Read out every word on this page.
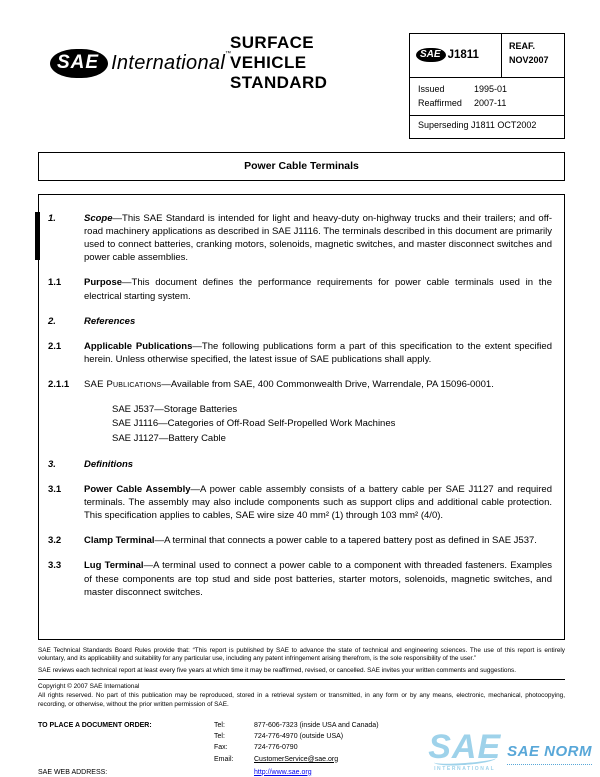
SAE International™
SURFACE
VEHICLE
STANDARD
SAE J1811
REAF.
NOV2007
Issued	1995-01
Reaffirmed	2007-11
Superseding J1811 OCT2002
Power Cable Terminals
1.	Scope—This SAE Standard is intended for light and heavy-duty on-highway trucks and their trailers; and off-road machinery applications as described in SAE J1116. The terminals described in this document are primarily used to connect batteries, cranking motors, solenoids, magnetic switches, and master disconnect switches and power cable assemblies.
1.1	Purpose—This document defines the performance requirements for power cable terminals used in the electrical starting system.
2.	References
2.1	Applicable Publications—The following publications form a part of this specification to the extent specified herein. Unless otherwise specified, the latest issue of SAE publications shall apply.
2.1.1	SAE Publications—Available from SAE, 400 Commonwealth Drive, Warrendale, PA 15096-0001.
SAE J537—Storage Batteries
SAE J1116—Categories of Off-Road Self-Propelled Work Machines
SAE J1127—Battery Cable
3.	Definitions
3.1	Power Cable Assembly—A power cable assembly consists of a battery cable per SAE J1127 and required terminals. The assembly may also include components such as support clips and additional cable protection. This specification applies to cables, SAE wire size 40 mm² (1) through 103 mm² (4/0).
3.2	Clamp Terminal—A terminal that connects a power cable to a tapered battery post as defined in SAE J537.
3.3	Lug Terminal—A terminal used to connect a power cable to a component with threaded fasteners. Examples of these components are top stud and side post batteries, starter motors, solenoids, magnetic switches, and master disconnect switches.
SAE Technical Standards Board Rules provide that: “This report is published by SAE to advance the state of technical and engineering sciences. The use of this report is entirely voluntary, and its applicability and suitability for any particular use, including any patent infringement arising therefrom, is the sole responsibility of the user.”
SAE reviews each technical report at least every five years at which time it may be reaffirmed, revised, or cancelled. SAE invites your written comments and suggestions.
Copyright © 2007 SAE International
All rights reserved. No part of this publication may be reproduced, stored in a retrieval system or transmitted, in any form or by any means, electronic, mechanical, photocopying, recording, or otherwise, without the prior written permission of SAE.
TO PLACE A DOCUMENT ORDER:	Tel:	877-606-7323 (inside USA and Canada)
Tel:	724-776-4970 (outside USA)
Fax:	724-776-0790
Email:	CustomerService@sae.org
SAE WEB ADDRESS:	http://www.sae.org
SAE
INTERNATIONAL
SAE NORM
